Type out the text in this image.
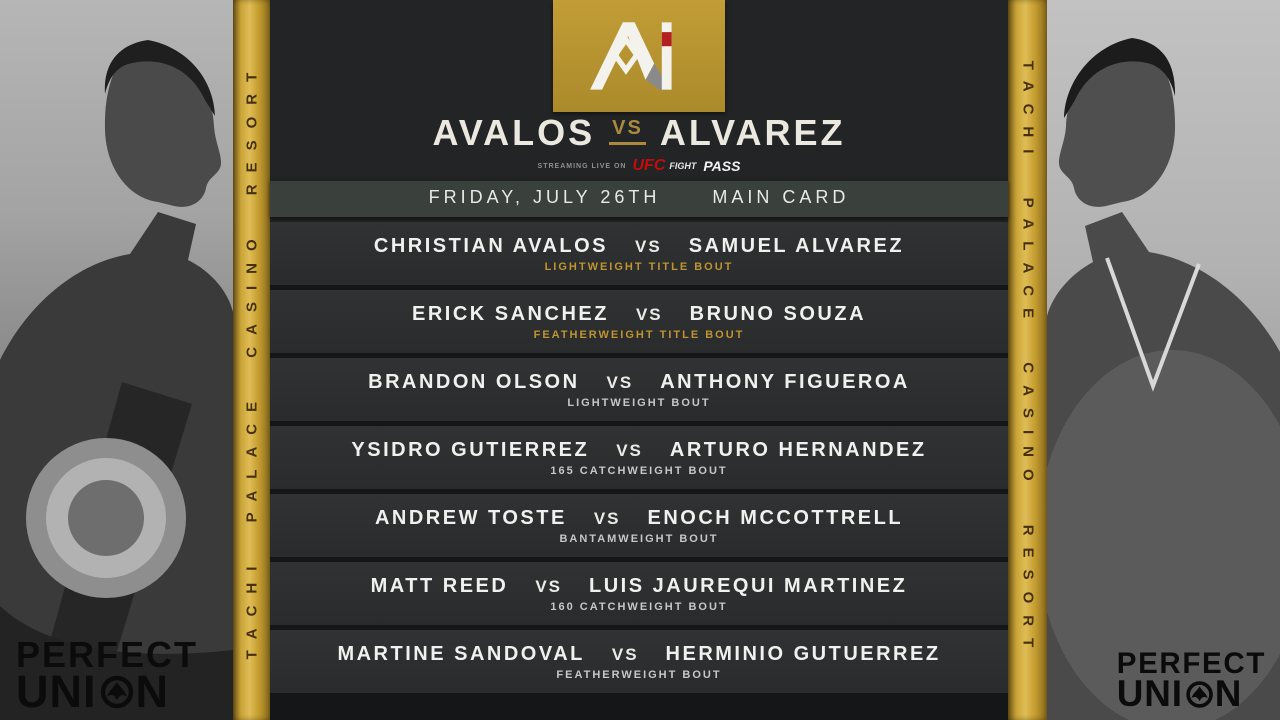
PERFECT
UNI N
PERFECT
UNI N
TACHI PALACE CASINO RESORT	TACHI PALACE CASINO RESORT
AVALOS VS ALVAREZ
STREAMING LIVE ON UFC FIGHT PASS
FRIDAY, JULY 26TH	MAIN CARD
CHRISTIAN AVALOS VS SAMUEL ALVAREZ
LIGHTWEIGHT TITLE BOUT
ERICK SANCHEZ VS BRUNO SOUZA
FEATHERWEIGHT TITLE BOUT
BRANDON OLSON VS ANTHONY FIGUEROA
LIGHTWEIGHT BOUT
YSIDRO GUTIERREZ VS ARTURO HERNANDEZ
165 CATCHWEIGHT BOUT
ANDREW TOSTE VS ENOCH MCCOTTRELL
BANTAMWEIGHT BOUT
MATT REED VS LUIS JAUREQUI MARTINEZ
160 CATCHWEIGHT BOUT
MARTINE SANDOVAL VS HERMINIO GUTUERREZ
FEATHERWEIGHT BOUT
